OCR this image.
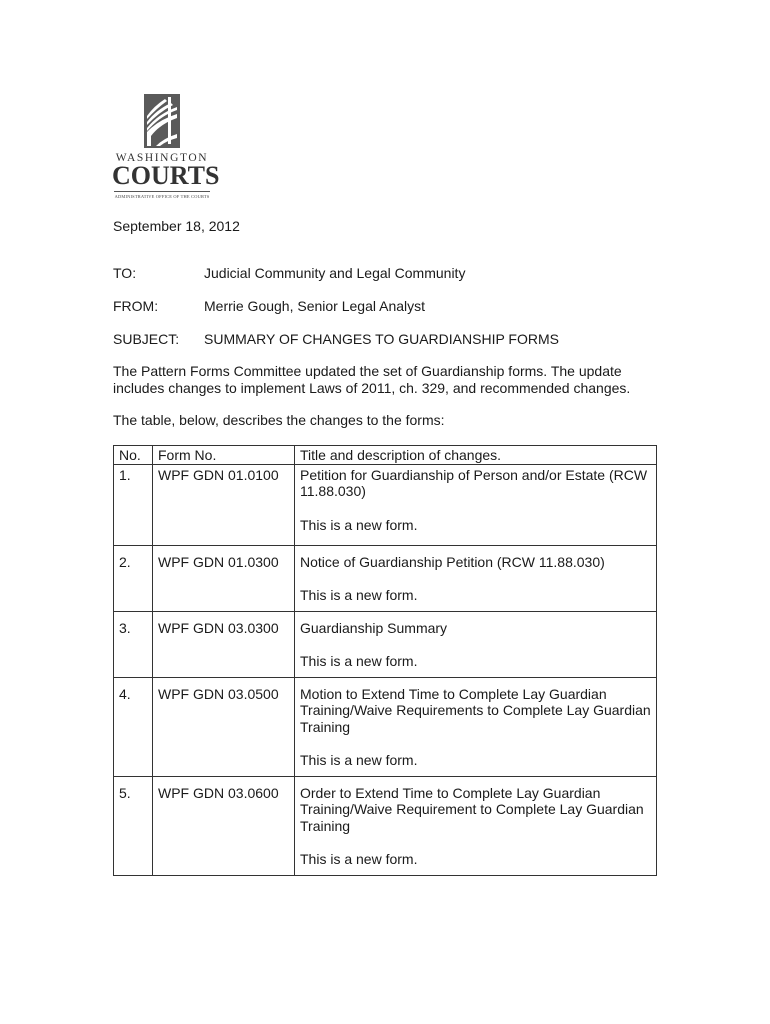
WASHINGTON
COURTS
ADMINISTRATIVE OFFICE OF THE COURTS
September 18, 2012
TO:	Judicial Community and Legal Community
FROM:	Merrie Gough, Senior Legal Analyst
SUBJECT: SUMMARY OF CHANGES TO GUARDIANSHIP FORMS
The Pattern Forms Committee updated the set of Guardianship forms. The update includes changes to implement Laws of 2011, ch. 329, and recommended changes.
The table, below, describes the changes to the forms:
No.	Form No.	Title and description of changes.
1.	WPF GDN 01.0100	Petition for Guardianship of Person and/or Estate (RCW 11.88.030)
This is a new form.

2.	WPF GDN 01.0300	Notice of Guardianship Petition (RCW 11.88.030)
This is a new form.

3.	WPF GDN 03.0300	Guardianship Summary
This is a new form.

4.	WPF GDN 03.0500	Motion to Extend Time to Complete Lay Guardian Training/Waive Requirements to Complete Lay Guardian Training
This is a new form.

5.	WPF GDN 03.0600	Order to Extend Time to Complete Lay Guardian Training/Waive Requirement to Complete Lay Guardian Training
This is a new form.
